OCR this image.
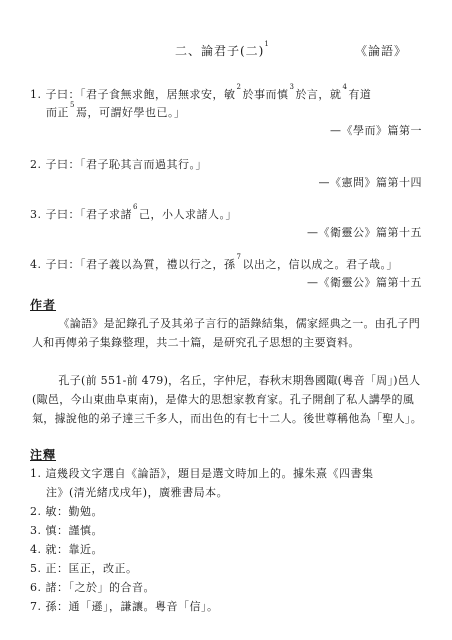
二、論君子(二)$^1$	《論語》
1. 子曰：「君子食無求飽，居無求安，敏$^2$於事而慎$^3$於言，就$^4$有道
而正$^5$焉，可謂好學也已。」
—《學而》篇第一
2. 子曰：「君子恥其言而過其行。」
—《憲問》篇第十四
3. 子曰：「君子求諸$^6$己，小人求諸人。」
—《衛靈公》篇第十五
4. 子曰：「君子義以為質，禮以行之，孫$^7$以出之，信以成之。君子哉。」
—《衛靈公》篇第十五
作者
《論語》是記錄孔子及其弟子言行的語錄結集，儒家經典之一。由孔子門人和再傳弟子集錄整理，共二十篇，是研究孔子思想的主要資料。
孔子(前 551-前 479)，名丘，字仲尼，春秋末期魯國陬(粵音「周」)邑人(陬邑，今山東曲阜東南)，是偉大的思想家教育家。孔子開創了私人講學的風氣，據說他的弟子達三千多人，而出色的有七十二人。後世尊稱他為「聖人」。
注釋
1. 這幾段文字選自《論語》，題目是選文時加上的。據朱熹《四書集
注》(清光緒戊戌年)，廣雅書局本。
2. 敏：勤勉。
3. 慎：謹慎。
4. 就：靠近。
5. 正：匡正，改正。
6. 諸：「之於」的合音。
7. 孫：通「遜」，謙讓。粵音「信」。
